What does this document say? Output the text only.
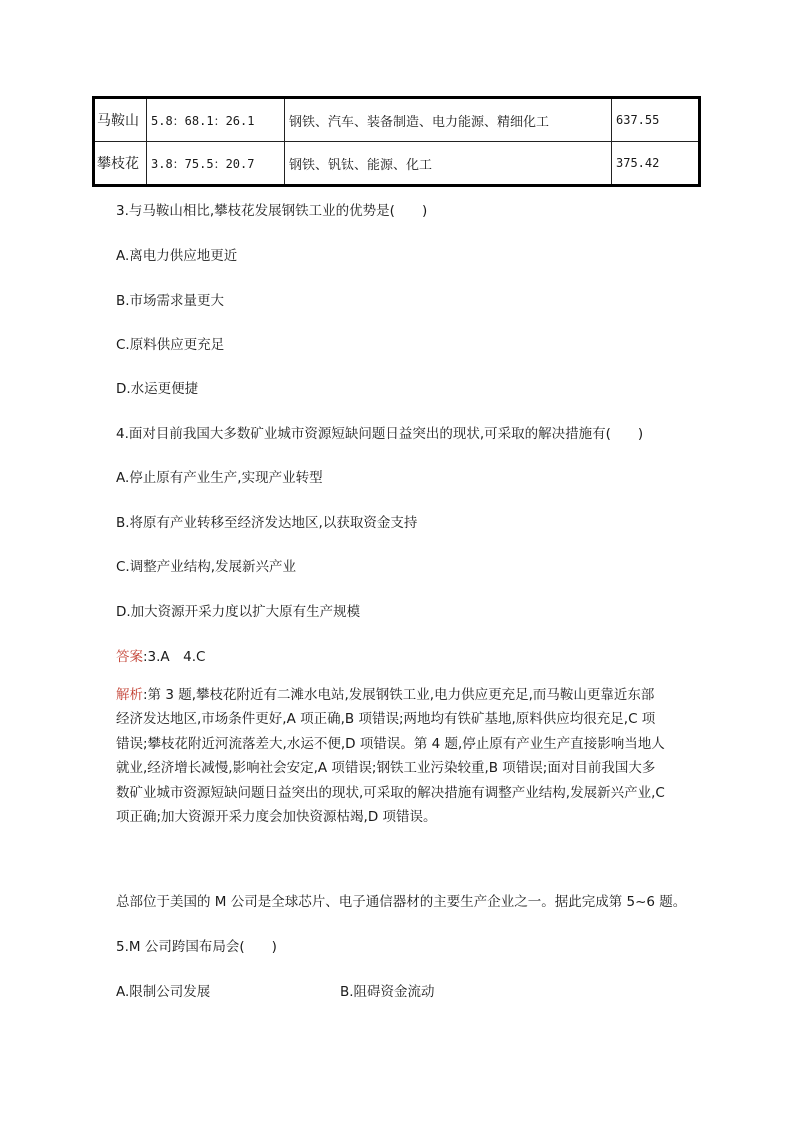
马鞍山	5.8：68.1：26.1	钢铁、汽车、装备制造、电力能源、精细化工	637.55
攀枝花	3.8：75.5：20.7	钢铁、钒钛、能源、化工	375.42
3.与马鞍山相比,攀枝花发展钢铁工业的优势是(　　)
A.离电力供应地更近
B.市场需求量更大
C.原料供应更充足
D.水运更便捷
4.面对目前我国大多数矿业城市资源短缺问题日益突出的现状,可采取的解决措施有(　　)
A.停止原有产业生产,实现产业转型
B.将原有产业转移至经济发达地区,以获取资金支持
C.调整产业结构,发展新兴产业
D.加大资源开采力度以扩大原有生产规模
答案:3.A　4.C

解析:第 3 题,攀枝花附近有二滩水电站,发展钢铁工业,电力供应更充足,而马鞍山更靠近东部

经济发达地区,市场条件更好,A 项正确,B 项错误;两地均有铁矿基地,原料供应均很充足,C 项

错误;攀枝花附近河流落差大,水运不便,D 项错误。第 4 题,停止原有产业生产直接影响当地人

就业,经济增长减慢,影响社会安定,A 项错误;钢铁工业污染较重,B 项错误;面对目前我国大多

数矿业城市资源短缺问题日益突出的现状,可采取的解决措施有调整产业结构,发展新兴产业,C

项正确;加大资源开采力度会加快资源枯竭,D 项错误。

总部位于美国的 M 公司是全球芯片、电子通信器材的主要生产企业之一。据此完成第 5~6 题。
5.M 公司跨国布局会(　　)
A.限制公司发展	B.阻碍资金流动
